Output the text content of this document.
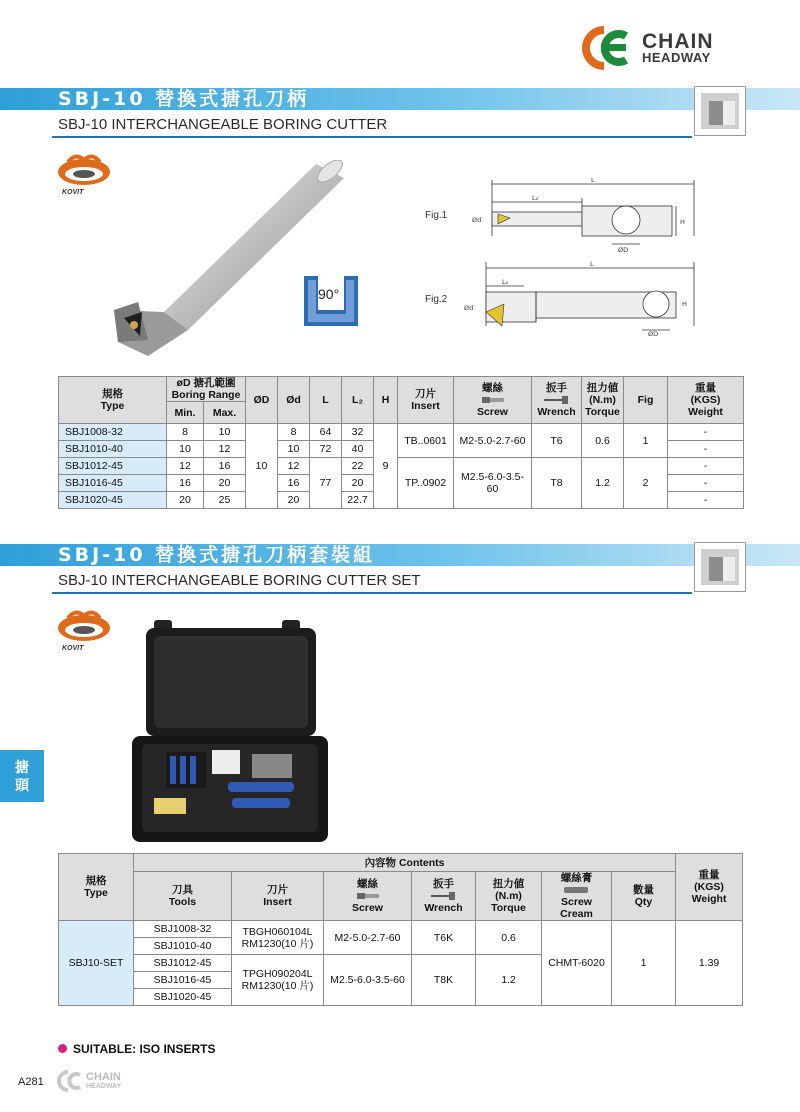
CHAIN
HEADWAY
SBJ-10 替換式搪孔刀柄
SBJ-10 INTERCHANGEABLE BORING CUTTER
KOVIT
90°
Fig.1
Fig.2
L
L₂
Ød
ØD
H
L
L₂
Ød
ØD
H
規格
Type	øD 搪孔範圍
Boring Range		ØD	Ød	L	L₂	H	刀片
Insert	螺絲

Screw	扳手

Wrench	扭力値
(N.m)
Torque	Fig	重量
(KGS)
Weight
	Min.	Max.											
SBJ1008-32	8	10	10	8	64	32	9	TB..0601	M2-5.0-2.7-60	T6	0.6	1	-
SBJ1010-40	10	12		10	72	40							-
SBJ1012-45	12	16		12	77	22		TP..0902	M2.5-6.0-3.5-60	T8	1.2	2	-
SBJ1016-45	16	20		16		20							-
SBJ1020-45	20	25		20		22.7							-
SBJ-10 替換式搪孔刀柄套裝組
SBJ-10 INTERCHANGEABLE BORING CUTTER SET
KOVIT
搪
頭
規格
Type	內容物 Contents							重量
(KGS)
Weight
	刀具
Tools	刀片
Insert	螺絲

Screw	扳手

Wrench	扭力値
(N.m)
Torque	螺絲膏

Screw Cream	數量
Qty	
SBJ10-SET	SBJ1008-32	TBGH060104L
RM1230(10 片)	M2-5.0-2.7-60	T6K	0.6	CHMT-6020	1	1.39
	SBJ1010-40							
	SBJ1012-45	TPGH090204L
RM1230(10 片)	M2.5-6.0-3.5-60	T8K	1.2			
	SBJ1016-45							
	SBJ1020-45							
SUITABLE: ISO INSERTS
A281	CHAIN
HEADWAY
